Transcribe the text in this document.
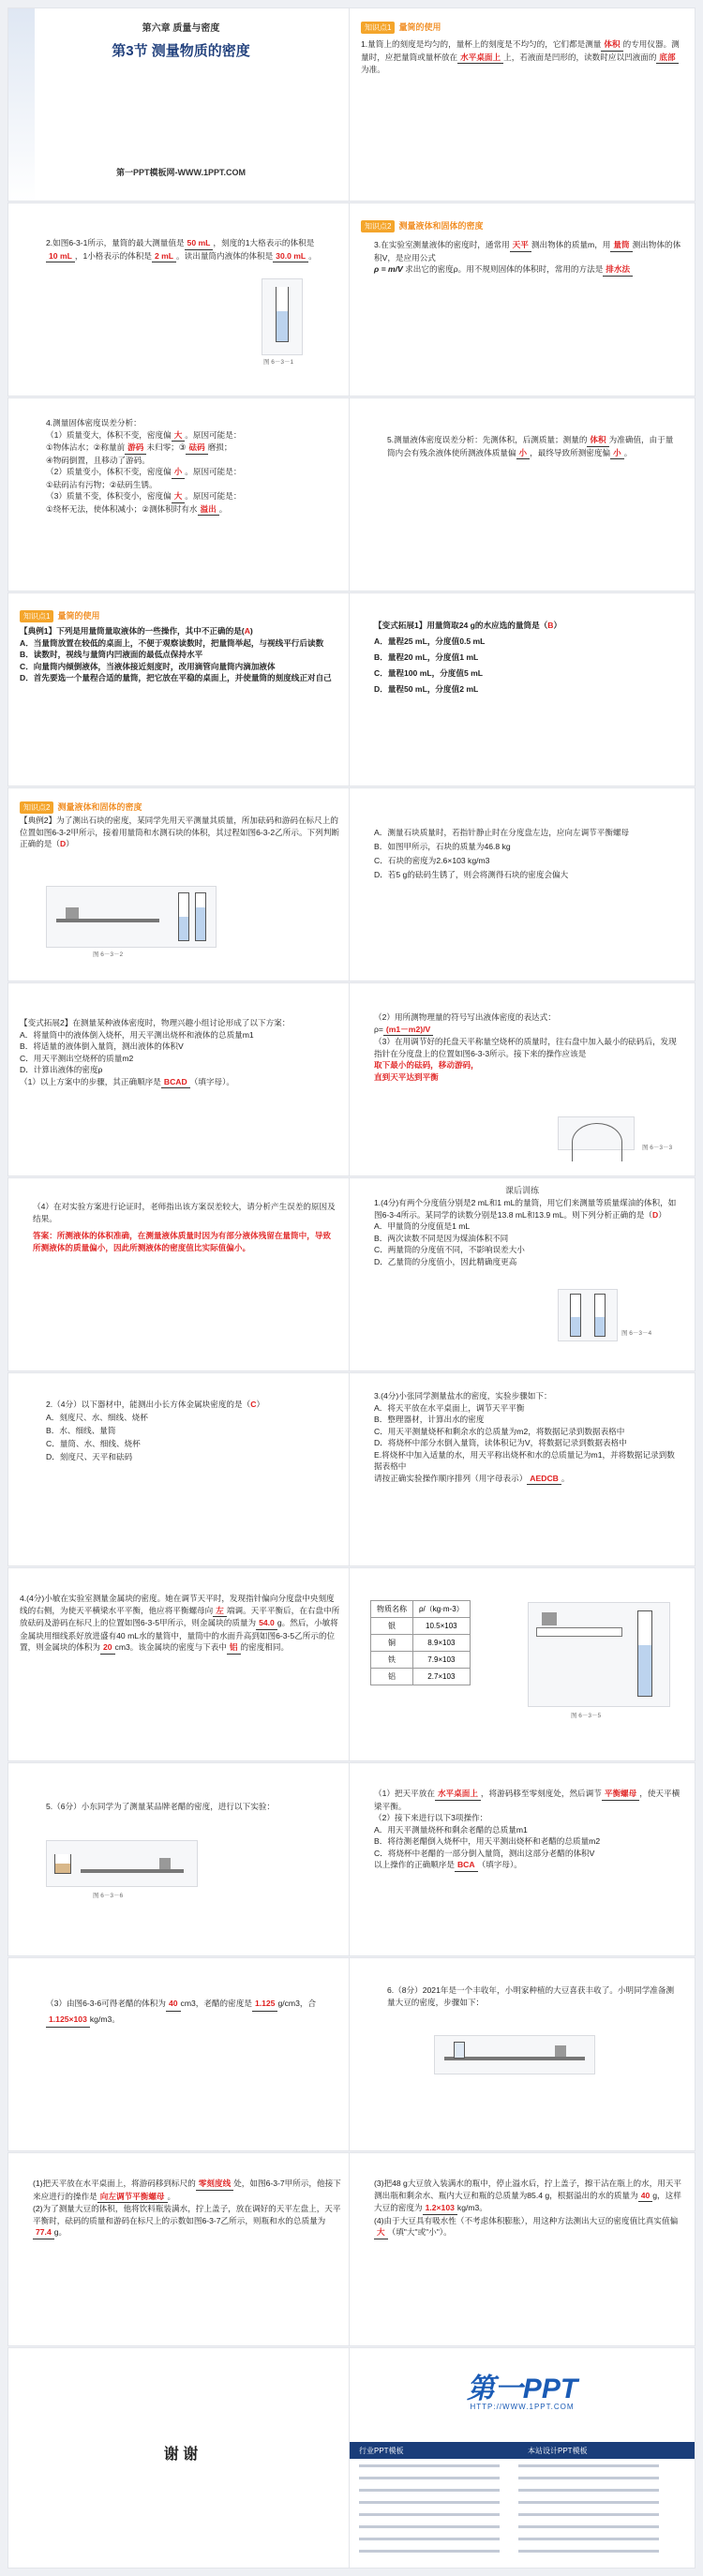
第六章 质量与密度
第3节 测量物质的密度
第一PPT模板网-WWW.1PPT.COM
知识点1 量筒的使用

1.量筒上的刻度是均匀的，量杯上的刻度是不均匀的，它们都是测量 体积 的专用仪器。测量时，应把量筒或量杯放在 水平桌面上 上，若液面是凹形的，读数时应以凹液面的 底部为准。

2.如图6-3-1所示，量筒的最大测量值是 50 mL ，刻度的1大格表示的体积是10 mL ，1小格表示的体积是 2 mL 。读出量筒内液体的体积是 30.0 mL 。

图 6－3－1
知识点2 测量液体和固体的密度

3.在实验室测量液体的密度时，通常用 天平 测出物体的质量m，用 量筒 测出物体的体积V，是应用公式
ρ = m/V 求出它的密度ρ。用不规则固体的体积时，常用的方法是 排水法

4.测量固体密度误差分析：

（1）质量变大，体积不变，密度偏 大 。原因可能是：

①物体沾水；②称量前 游码 未归零；③ 砝码 磨损；

④物码倒置，且移动了游码。

（2）质量变小，体积不变，密度偏 小 。原因可能是：

①砝码沾有污物；②砝码生锈。

（3）质量不变，体积变小，密度偏 大 。原因可能是：

①绕杯无法，使体积减小；②测体积时有水 溢出 。

5.测量液体密度误差分析：先测体积，后测质量；测量的 体积 为准确值，由于量筒内会有残余液体使所测液体质量偏 小 ，最终导致所测密度偏 小 。

知识点1 量筒的使用

【典例1】下列是用量筒量取液体的一些操作，其中不正确的是(A)

A．当量筒放置在较低的桌面上，不便于观察读数时，把量筒举起，与视线平行后读数

B．读数时，视线与量筒内凹液面的最低点保持水平

C．向量筒内倾倒液体，当液体接近刻度时，改用滴管向量筒内滴加液体

D．首先要选一个量程合适的量筒，把它放在平稳的桌面上，并使量筒的刻度线正对自己

【变式拓展1】用量筒取24 g的水应选的量筒是（B）

A．量程25 mL，分度值0.5 mL

B．量程20 mL，分度值1 mL

C．量程100 mL，分度值5 mL

D．量程50 mL，分度值2 mL

知识点2 测量液体和固体的密度

【典例2】为了测出石块的密度，某同学先用天平测量其质量，所加砝码和游码在标尺上的位置如图6-3-2甲所示，接着用量筒和水测石块的体积，其过程如图6-3-2乙所示。下列判断正确的是（D）

图 6－3－2

A．测量石块质量时，若指针静止时在分度盘左边，应向左调节平衡螺母

B．如图甲所示，石块的质量为46.8 kg

C．石块的密度为2.6×103 kg/m3

D．若5 g的砝码生锈了，则会将测得石块的密度会偏大

【变式拓展2】在测量某种液体密度时，物理兴趣小组讨论形成了以下方案：

A．将量筒中的液体倒入烧杯，用天平测出烧杯和液体的总质量m1

B．将适量的液体倒入量筒，测出液体的体积V

C．用天平测出空烧杯的质量m2

D．计算出液体的密度ρ

（1）以上方案中的步骤，其正确顺序是 BCAD （填字母）。

（2）用所测物理量的符号写出液体密度的表达式：

ρ= (m1－m2)/V

（3）在用调节好的托盘天平称量空烧杯的质量时，往右盘中加入最小的砝码后，发现指针在分度盘上的位置如图6-3-3所示。接下来的操作应该是

取下最小的砝码，移动游码，

直到天平达到平衡

图 6－3－3

（4）在对实验方案进行论证时，老师指出该方案误差较大，请分析产生误差的原因及结果。

答案：所测液体的体积准确，在测量液体质量时因为有部分液体残留在量筒中，导致所测液体的质量偏小，因此所测液体的密度值比实际值偏小。

课后训练

1.(4分)有两个分度值分别是2 mL和1 mL的量筒，用它们来测量等质量煤油的体积，如图6-3-4所示。某同学的读数分别是13.8 mL和13.9 mL。则下列分析正确的是（D）

A．甲量筒的分度值是1 mL

B．两次读数不同是因为煤油体积不同

C．两量筒的分度值不同，不影响误差大小

D．乙量筒的分度值小，因此精确度更高

图 6－3－4

2.（4分）以下器材中，能测出小长方体金属块密度的是（C）

A．刻度尺、水、细线、烧杯

B．水、细线、量筒

C．量筒、水、细线、烧杯

D．刻度尺、天平和砝码

3.(4分)小张同学测量盐水的密度，实验步骤如下：

A．将天平放在水平桌面上，调节天平平衡

B．整理器材，计算出水的密度

C．用天平测量烧杯和剩余水的总质量为m2，将数据记录到数据表格中

D．将烧杯中部分水倒入量筒，读体积记为V，将数据记录到数据表格中

E.将烧杯中加入适量的水，用天平称出烧杯和水的总质量记为m1，并将数据记录到数据表格中

请按正确实验操作顺序排列（用字母表示） AEDCB 。

4.(4分)小敏在实验室测量金属块的密度。她在调节天平时，发现指针偏向分度盘中央刻度线的右侧，为使天平横梁水平平衡，他应将平衡螺母向 左 端调。天平平衡后，在右盘中所放砝码及游码在标尺上的位置如图6-3-5甲所示，则金属块的质量为 54.0 g。然后，小敏将金属块用细线系好放进盛有40 mL水的量筒中，量筒中的水面升高到如图6-3-5乙所示的位置，则金属块的体积为 20 cm3。该金属块的密度与下表中 铝 的密度相同。

物质名称	ρ/（kg·m-3）
银	10.5×103
铜	8.9×103
铁	7.9×103
铝	2.7×103
图 6－3－5

5.（6分）小东同学为了测量某品牌老醋的密度，进行以下实验：

图 6－3－6

（1）把天平放在 水平桌面上 ，将游码移至零刻度处，然后调节 平衡螺母 ，使天平横梁平衡。

（2）接下来进行以下3项操作：

A．用天平测量烧杯和剩余老醋的总质量m1

B．将待测老醋倒入烧杯中，用天平测出烧杯和老醋的总质量m2

C．将烧杯中老醋的一部分倒入量筒，测出这部分老醋的体积V

以上操作的正确顺序是 BCA （填字母）。

（3）由图6-3-6可得老醋的体积为 40 cm3，老醋的密度是 1.125 g/cm3，合1.125×103 kg/m3。

6.（8分）2021年是一个丰收年，小明家种植的大豆喜获丰收了。小明同学准备测量大豆的密度，步骤如下：

(1)把天平放在水平桌面上，将游码移到标尺的 零刻度线 处，如图6-3-7甲所示，他接下来应进行的操作是 向左调节平衡螺母 。
(2)为了测量大豆的体积，他将饮料瓶装满水，拧上盖子，放在调好的天平左盘上，天平平衡时，砝码的质量和游码在标尺上的示数如图6-3-7乙所示，则瓶和水的总质量为77.4 g。

(3)把48 g大豆放入装满水的瓶中，停止溢水后，拧上盖子，擦干沾在瓶上的水，用天平测出瓶和剩余水、瓶内大豆和瓶的总质量为85.4 g，根据溢出的水的质量为 40 g，这样大豆的密度为 1.2×103 kg/m3。
(4)由于大豆具有吸水性（不考虑体积膨胀），用这种方法测出大豆的密度值比真实值偏大 （填"大"或"小"）。

谢 谢
第一PPT
HTTP://WWW.1PPT.COM
行业PPT模板	本站设计PPT模板
